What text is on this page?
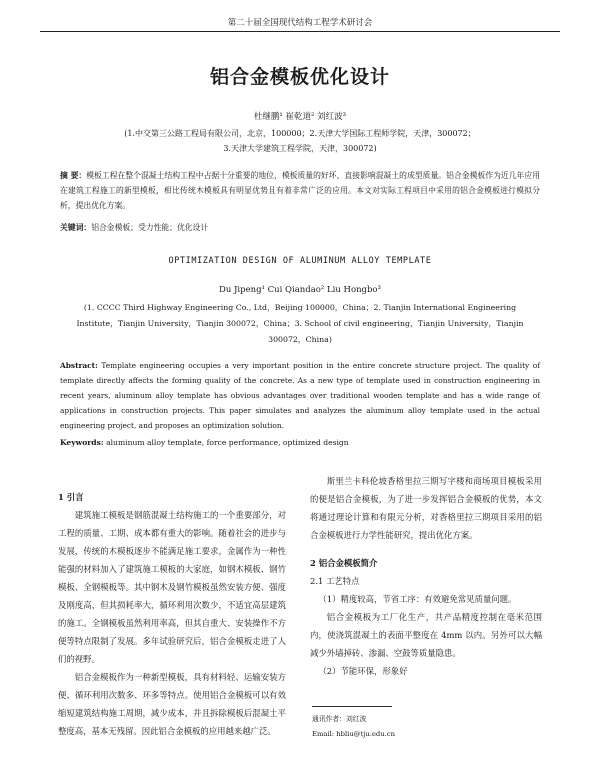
第二十届全国现代结构工程学术研讨会
铝合金模板优化设计
杜继鹏¹ 崔乾道² 刘红波³
(1.中交第三公路工程局有限公司，北京，100000；2.天津大学国际工程师学院，天津，300072；
3.天津大学建筑工程学院，天津，300072)
摘 要：模板工程在整个混凝土结构工程中占据十分重要的地位，模板质量的好坏，直接影响混凝土的成型质量。铝合金模板作为近几年应用在建筑工程施工的新型模板，相比传统木模板具有明显优势且有着非常广泛的应用。本文对实际工程项目中采用的铝合金模板进行模拟分析，提出优化方案。
关键词：铝合金模板；受力性能；优化设计
OPTIMIZATION DESIGN OF ALUMINUM ALLOY TEMPLATE
Du Jipeng¹ Cui Qiandao² Liu Hongbo³
(1. CCCC Third Highway Engineering Co., Ltd，Beijing 100000，China；2. Tianjin International Engineering
Institute，Tianjin University，Tianjin 300072，China；3. School of civil engineering，Tianjin University，Tianjin
300072，China)
Abstract: Template engineering occupies a very important position in the entire concrete structure project. The quality of template directly affects the forming quality of the concrete. As a new type of template used in construction engineering in recent years, aluminum alloy template has obvious advantages over traditional wooden template and has a wide range of applications in construction projects. This paper simulates and analyzes the aluminum alloy template used in the actual engineering project, and proposes an optimization solution.
Keywords: aluminum alloy template, force performance, optimized design
1 引言

建筑施工模板是钢筋混凝土结构施工的一个重要部分，对工程的质量、工期、成本都有重大的影响。随着社会的进步与发展，传统的木模板逐步不能满足施工要求，金属作为一种性能强的材料加入了建筑施工模板的大家庭，如钢木模板、钢竹模板、全钢模板等。其中钢木及钢竹模板虽然安装方便、强度及刚度高，但其损耗率大，循环利用次数少，不适宜高层建筑的施工。全钢模板虽然利用率高，但其自重大、安装操作不方便等特点限制了发展。多年试验研究后，铝合金模板走进了人们的视野。

铝合金模板作为一种新型模板，具有材料轻、运输安装方便、循环利用次数多、环多等特点。使用铝合金模板可以有效缩短建筑结构施工周期，减少成本，并且拆除模板后混凝土平整度高，基本无残留。因此铝合金模板的应用越来越广泛。

斯里兰卡科伦坡香格里拉三期写字楼和商场项目模板采用的便是铝合金模板，为了进一步发挥铝合金模板的优势，本文将通过理论计算和有限元分析，对香格里拉三期项目采用的铝合金模板进行力学性能研究，提出优化方案。

2 铝合金模板简介
2.1 工艺特点

（1）精度较高，节省工序：有效避免常见质量问题。

铝合金模板为工厂化生产，共产品精度控制在毫米范围内，使浇筑混凝土的表面平整度在 4mm 以内。另外可以大幅减少外墙掉砖、渗漏、空鼓等质量隐患。

（2）节能环保，形象好

通讯作者：刘红波
Email: hbliu@tju.edu.cn
